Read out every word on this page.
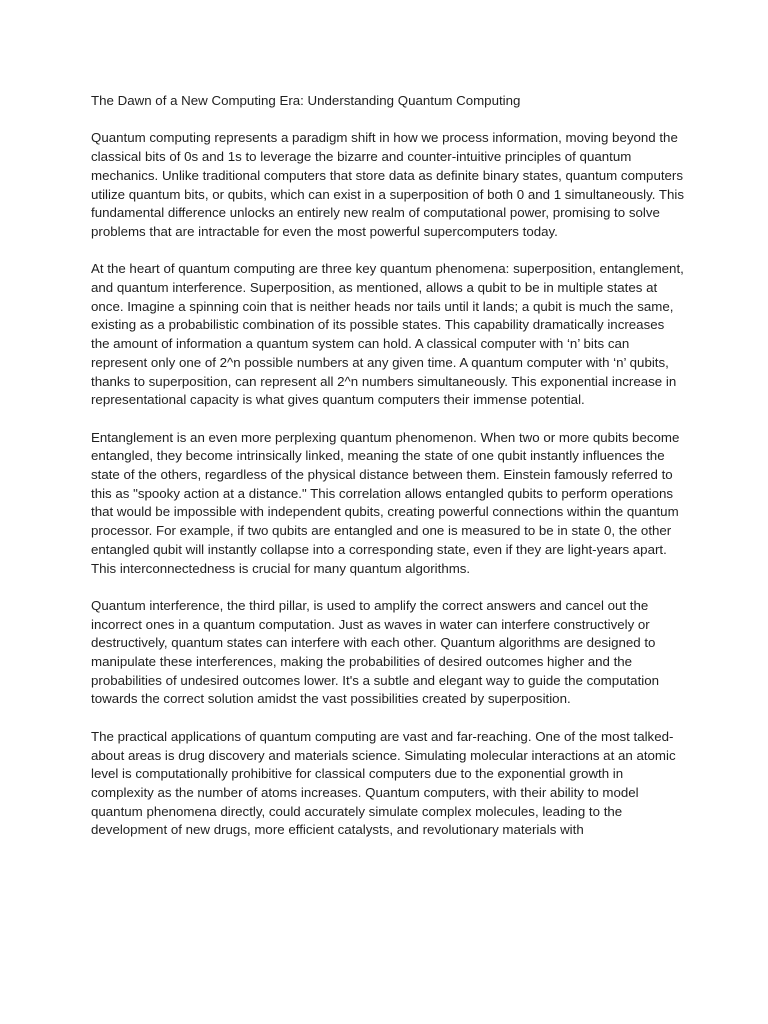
The Dawn of a New Computing Era: Understanding Quantum Computing

Quantum computing represents a paradigm shift in how we process information, moving beyond the classical bits of 0s and 1s to leverage the bizarre and counter-intuitive principles of quantum mechanics. Unlike traditional computers that store data as definite binary states, quantum computers utilize quantum bits, or qubits, which can exist in a superposition of both 0 and 1 simultaneously. This fundamental difference unlocks an entirely new realm of computational power, promising to solve problems that are intractable for even the most powerful supercomputers today.

At the heart of quantum computing are three key quantum phenomena: superposition, entanglement, and quantum interference. Superposition, as mentioned, allows a qubit to be in multiple states at once. Imagine a spinning coin that is neither heads nor tails until it lands; a qubit is much the same, existing as a probabilistic combination of its possible states. This capability dramatically increases the amount of information a quantum system can hold. A classical computer with ‘n’ bits can represent only one of 2^n possible numbers at any given time. A quantum computer with ‘n’ qubits, thanks to superposition, can represent all 2^n numbers simultaneously. This exponential increase in representational capacity is what gives quantum computers their immense potential.

Entanglement is an even more perplexing quantum phenomenon. When two or more qubits become entangled, they become intrinsically linked, meaning the state of one qubit instantly influences the state of the others, regardless of the physical distance between them. Einstein famously referred to this as "spooky action at a distance." This correlation allows entangled qubits to perform operations that would be impossible with independent qubits, creating powerful connections within the quantum processor. For example, if two qubits are entangled and one is measured to be in state 0, the other entangled qubit will instantly collapse into a corresponding state, even if they are light-years apart. This interconnectedness is crucial for many quantum algorithms.

Quantum interference, the third pillar, is used to amplify the correct answers and cancel out the incorrect ones in a quantum computation. Just as waves in water can interfere constructively or destructively, quantum states can interfere with each other. Quantum algorithms are designed to manipulate these interferences, making the probabilities of desired outcomes higher and the probabilities of undesired outcomes lower. It's a subtle and elegant way to guide the computation towards the correct solution amidst the vast possibilities created by superposition.

The practical applications of quantum computing are vast and far-reaching. One of the most talked-about areas is drug discovery and materials science. Simulating molecular interactions at an atomic level is computationally prohibitive for classical computers due to the exponential growth in complexity as the number of atoms increases. Quantum computers, with their ability to model quantum phenomena directly, could accurately simulate complex molecules, leading to the development of new drugs, more efficient catalysts, and revolutionary materials with
